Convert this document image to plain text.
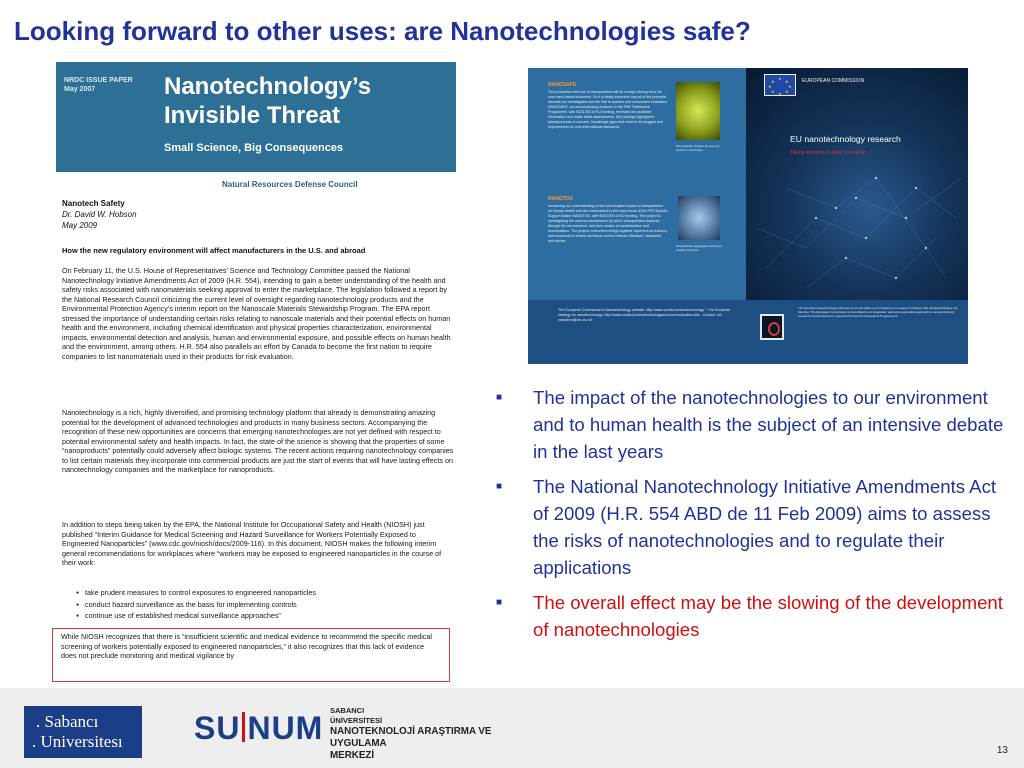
Looking forward to other uses: are Nanotechnologies safe?
NRDC ISSUE PAPER
May 2007	Nanotechnology’s
Invisible Threat
Small Science, Big Consequences
Natural Resources Defense Council
Nanotech Safety
Dr. David W. Hobson
May 2009
How the new regulatory environment will affect manufacturers in the U.S. and abroad
On February 11, the U.S. House of Representatives’ Science and Technology Committee passed the National Nanotechnology Initiative Amendments Act of 2009 (H.R. 554), intending to gain a better understanding of the health and safety risks associated with nanomaterials seeking approval to enter the marketplace. The legislation followed a report by the National Research Council criticizing the current level of oversight regarding nanotechnology products and the Environmental Protection Agency’s interim report on the Nanoscale Materials Stewardship Program. The EPA report stressed the importance of understanding certain risks relating to nanoscale materials and their potential effects on human health and the environment, including chemical identification and physical properties characterization, environmental impacts, environmental detection and analysis, human and environmental exposure, and possible effects on human health and the environment, among others. H.R. 554 also parallels an effort by Canada to become the first nation to require companies to list nanomaterials used in their products for risk evaluation.
Nanotechnology is a rich, highly diversified, and promising technology platform that already is demonstrating amazing potential for the development of advanced technologies and products in many business sectors. Accompanying the recognition of these new opportunities are concerns that emerging nanotechnologies are not yet defined with respect to potential environmental safety and health impacts. In fact, the state of the science is showing that the properties of some “nanoproducts” potentially could adversely affect biologic systems. The recent actions requiring nanotechnology companies to list certain materials they incorporate into commercial products are just the start of events that will have lasting effects on nanotechnology companies and the marketplace for nanoproducts.
In addition to steps being taken by the EPA, the National Institute for Occupational Safety and Health (NIOSH) just published “Interim Guidance for Medical Screening and Hazard Surveillance for Workers Potentially Exposed to Engineered Nanoparticles” (www.cdc.gov/niosh/docs/2009-116). In this document, NIOSH makes the following interim general recommendations for workplaces where “workers may be exposed to engineered nanoparticles in the course of their work:
● take prudent measures to control exposures to engineered nanoparticles
● conduct hazard surveillance as the basis for implementing controls
● continue use of established medical surveillance approaches”
While NIOSH recognizes that there is “insufficient scientific and medical evidence to recommend the specific medical screening of workers potentially exposed to engineered nanoparticles,” it also recognizes that this lack of evidence does not preclude monitoring and medical vigilance by
NANOSAFE
The production and use of nanoparticles will be a major driving force for new nano-based industries. So it is vitally important that all of the potential hazards are investigated and the risk to workers and consumers evaluated. NANOSAFE, an accompanying measure in the Fifth Framework Programme, with €323,000 of EU funding, reviewed the available information and made initial assessments. Key findings highlighted principal areas of concern, knowledge gaps that need to be plugged and requirements for new international standards.
Nanoparticle clusters as seen by electron microscope
NANOTOX
Increasing our understanding of the toxicological impact of nanoparticles on human health and the environment is the main focus of the FP6 Specific Support Action NANOTOX, with €400,000 of EU funding. The project is investigating the various mechanisms by which nanoparticles disperse through the environment, and their modes of contamination and accumulation. The project consortium brings together experts from industry and academia to review and issue current relevant literature, standards and advice.
Nanoparticle aggregates forming a cell-like structure
★
★
★
★
★
★
★
★	EUROPEAN COMMISSION
EU nanotechnology research
Taking tomorrow's ideas to market
The European Commission's Nanotechnology website: http://www.cordis.lu/nanotechnology/ · The European strategy for nanotechnology: http://www.cordis.lu/nanotechnology/src/communication.htm · Contact: rtd-nanotech@cec.eu.int
The fact that nanotechnology will become a multi-trillion euro business is no reason to believe that nanotechnologies are risk-free. The European Commission is committed to an integrated, safe and responsible approach to nanotechnology research and development, supported through its Framework Programmes.
■ The impact of the nanotechnologies to our environment and to human health is the subject of an intensive debate in the last years
■ The National Nanotechnology Initiative Amendments Act of 2009 (H.R. 554 ABD de 11 Feb 2009) aims to assess the risks of nanotechnologies and to regulate their applications
■ The overall effect may be the slowing of the development of nanotechnologies
. Sabancı
. Universitesı SU NUM SABANCI
ÜNİVERSİTESİ
NANOTEKNOLOJİ ARAŞTIRMA VE
UYGULAMA
MERKEZİ	13
